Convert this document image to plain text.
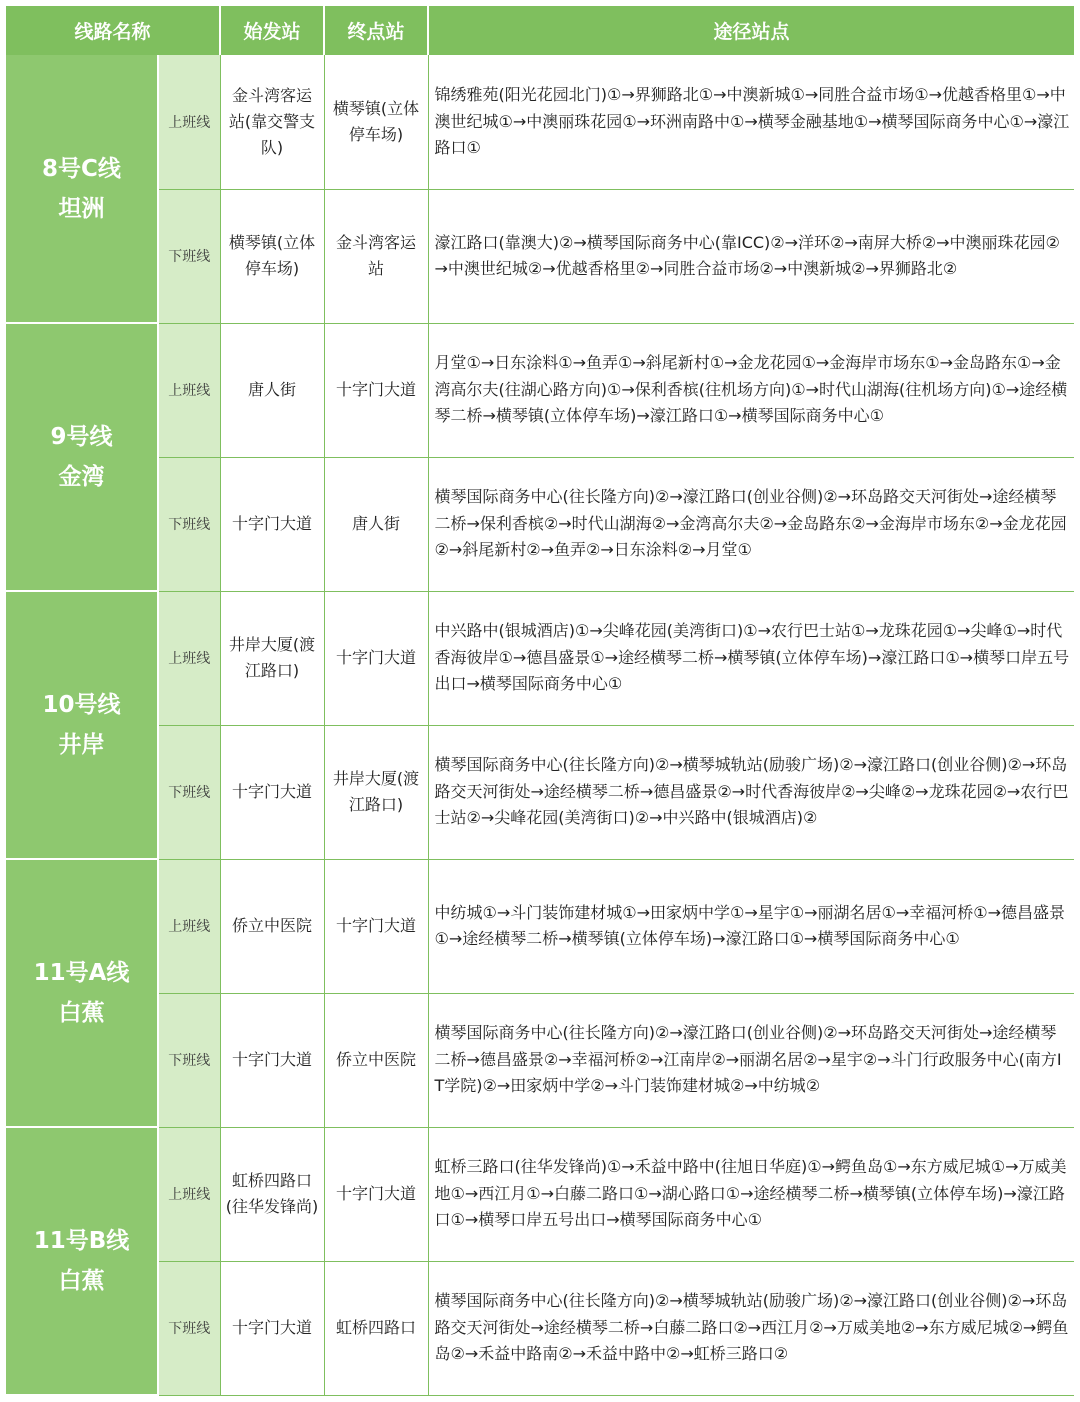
线路名称		始发站	终点站	途径站点

8号C线
坦洲	上班线	金斗湾客运站(靠交警支队)	横琴镇(立体停车场)	锦绣雅苑(阳光花园北门)①→界狮路北①→中澳新城①→同胜合益市场①→优越香格里①→中澳世纪城①→中澳丽珠花园①→环洲南路中①→横琴金融基地①→横琴国际商务中心①→濠江路口①
	下班线	横琴镇(立体停车场)	金斗湾客运站	濠江路口(靠澳大)②→横琴国际商务中心(靠ICC)②→洋环②→南屏大桥②→中澳丽珠花园②→中澳世纪城②→优越香格里②→同胜合益市场②→中澳新城②→界狮路北②

9号线
金湾	上班线	唐人街	十字门大道	月堂①→日东涂料①→鱼弄①→斜尾新村①→金龙花园①→金海岸市场东①→金岛路东①→金湾高尔夫(往湖心路方向)①→保利香槟(往机场方向)①→时代山湖海(往机场方向)①→途经横琴二桥→横琴镇(立体停车场)→濠江路口①→横琴国际商务中心①
	下班线	十字门大道	唐人街	横琴国际商务中心(往长隆方向)②→濠江路口(创业谷侧)②→环岛路交天河街处→途经横琴二桥→保利香槟②→时代山湖海②→金湾高尔夫②→金岛路东②→金海岸市场东②→金龙花园②→斜尾新村②→鱼弄②→日东涂料②→月堂①

10号线
井岸	上班线	井岸大厦(渡江路口)	十字门大道	中兴路中(银城酒店)①→尖峰花园(美湾街口)①→农行巴士站①→龙珠花园①→尖峰①→时代香海彼岸①→德昌盛景①→途经横琴二桥→横琴镇(立体停车场)→濠江路口①→横琴口岸五号出口→横琴国际商务中心①
	下班线	十字门大道	井岸大厦(渡江路口)	横琴国际商务中心(往长隆方向)②→横琴城轨站(励骏广场)②→濠江路口(创业谷侧)②→环岛路交天河街处→途经横琴二桥→德昌盛景②→时代香海彼岸②→尖峰②→龙珠花园②→农行巴士站②→尖峰花园(美湾街口)②→中兴路中(银城酒店)②

11号A线
白蕉	上班线	侨立中医院	十字门大道	中纺城①→斗门装饰建材城①→田家炳中学①→星宇①→丽湖名居①→幸福河桥①→德昌盛景①→途经横琴二桥→横琴镇(立体停车场)→濠江路口①→横琴国际商务中心①
	下班线	十字门大道	侨立中医院	横琴国际商务中心(往长隆方向)②→濠江路口(创业谷侧)②→环岛路交天河街处→途经横琴二桥→德昌盛景②→幸福河桥②→江南岸②→丽湖名居②→星宇②→斗门行政服务中心(南方IT学院)②→田家炳中学②→斗门装饰建材城②→中纺城②

11号B线
白蕉	上班线	虹桥四路口(往华发锋尚)	十字门大道	虹桥三路口(往华发锋尚)①→禾益中路中(往旭日华庭)①→鳄鱼岛①→东方威尼城①→万威美地①→西江月①→白藤二路口①→湖心路口①→途经横琴二桥→横琴镇(立体停车场)→濠江路口①→横琴口岸五号出口→横琴国际商务中心①
	下班线	十字门大道	虹桥四路口	横琴国际商务中心(往长隆方向)②→横琴城轨站(励骏广场)②→濠江路口(创业谷侧)②→环岛路交天河街处→途经横琴二桥→白藤二路口②→西江月②→万威美地②→东方威尼城②→鳄鱼岛②→禾益中路南②→禾益中路中②→虹桥三路口②
